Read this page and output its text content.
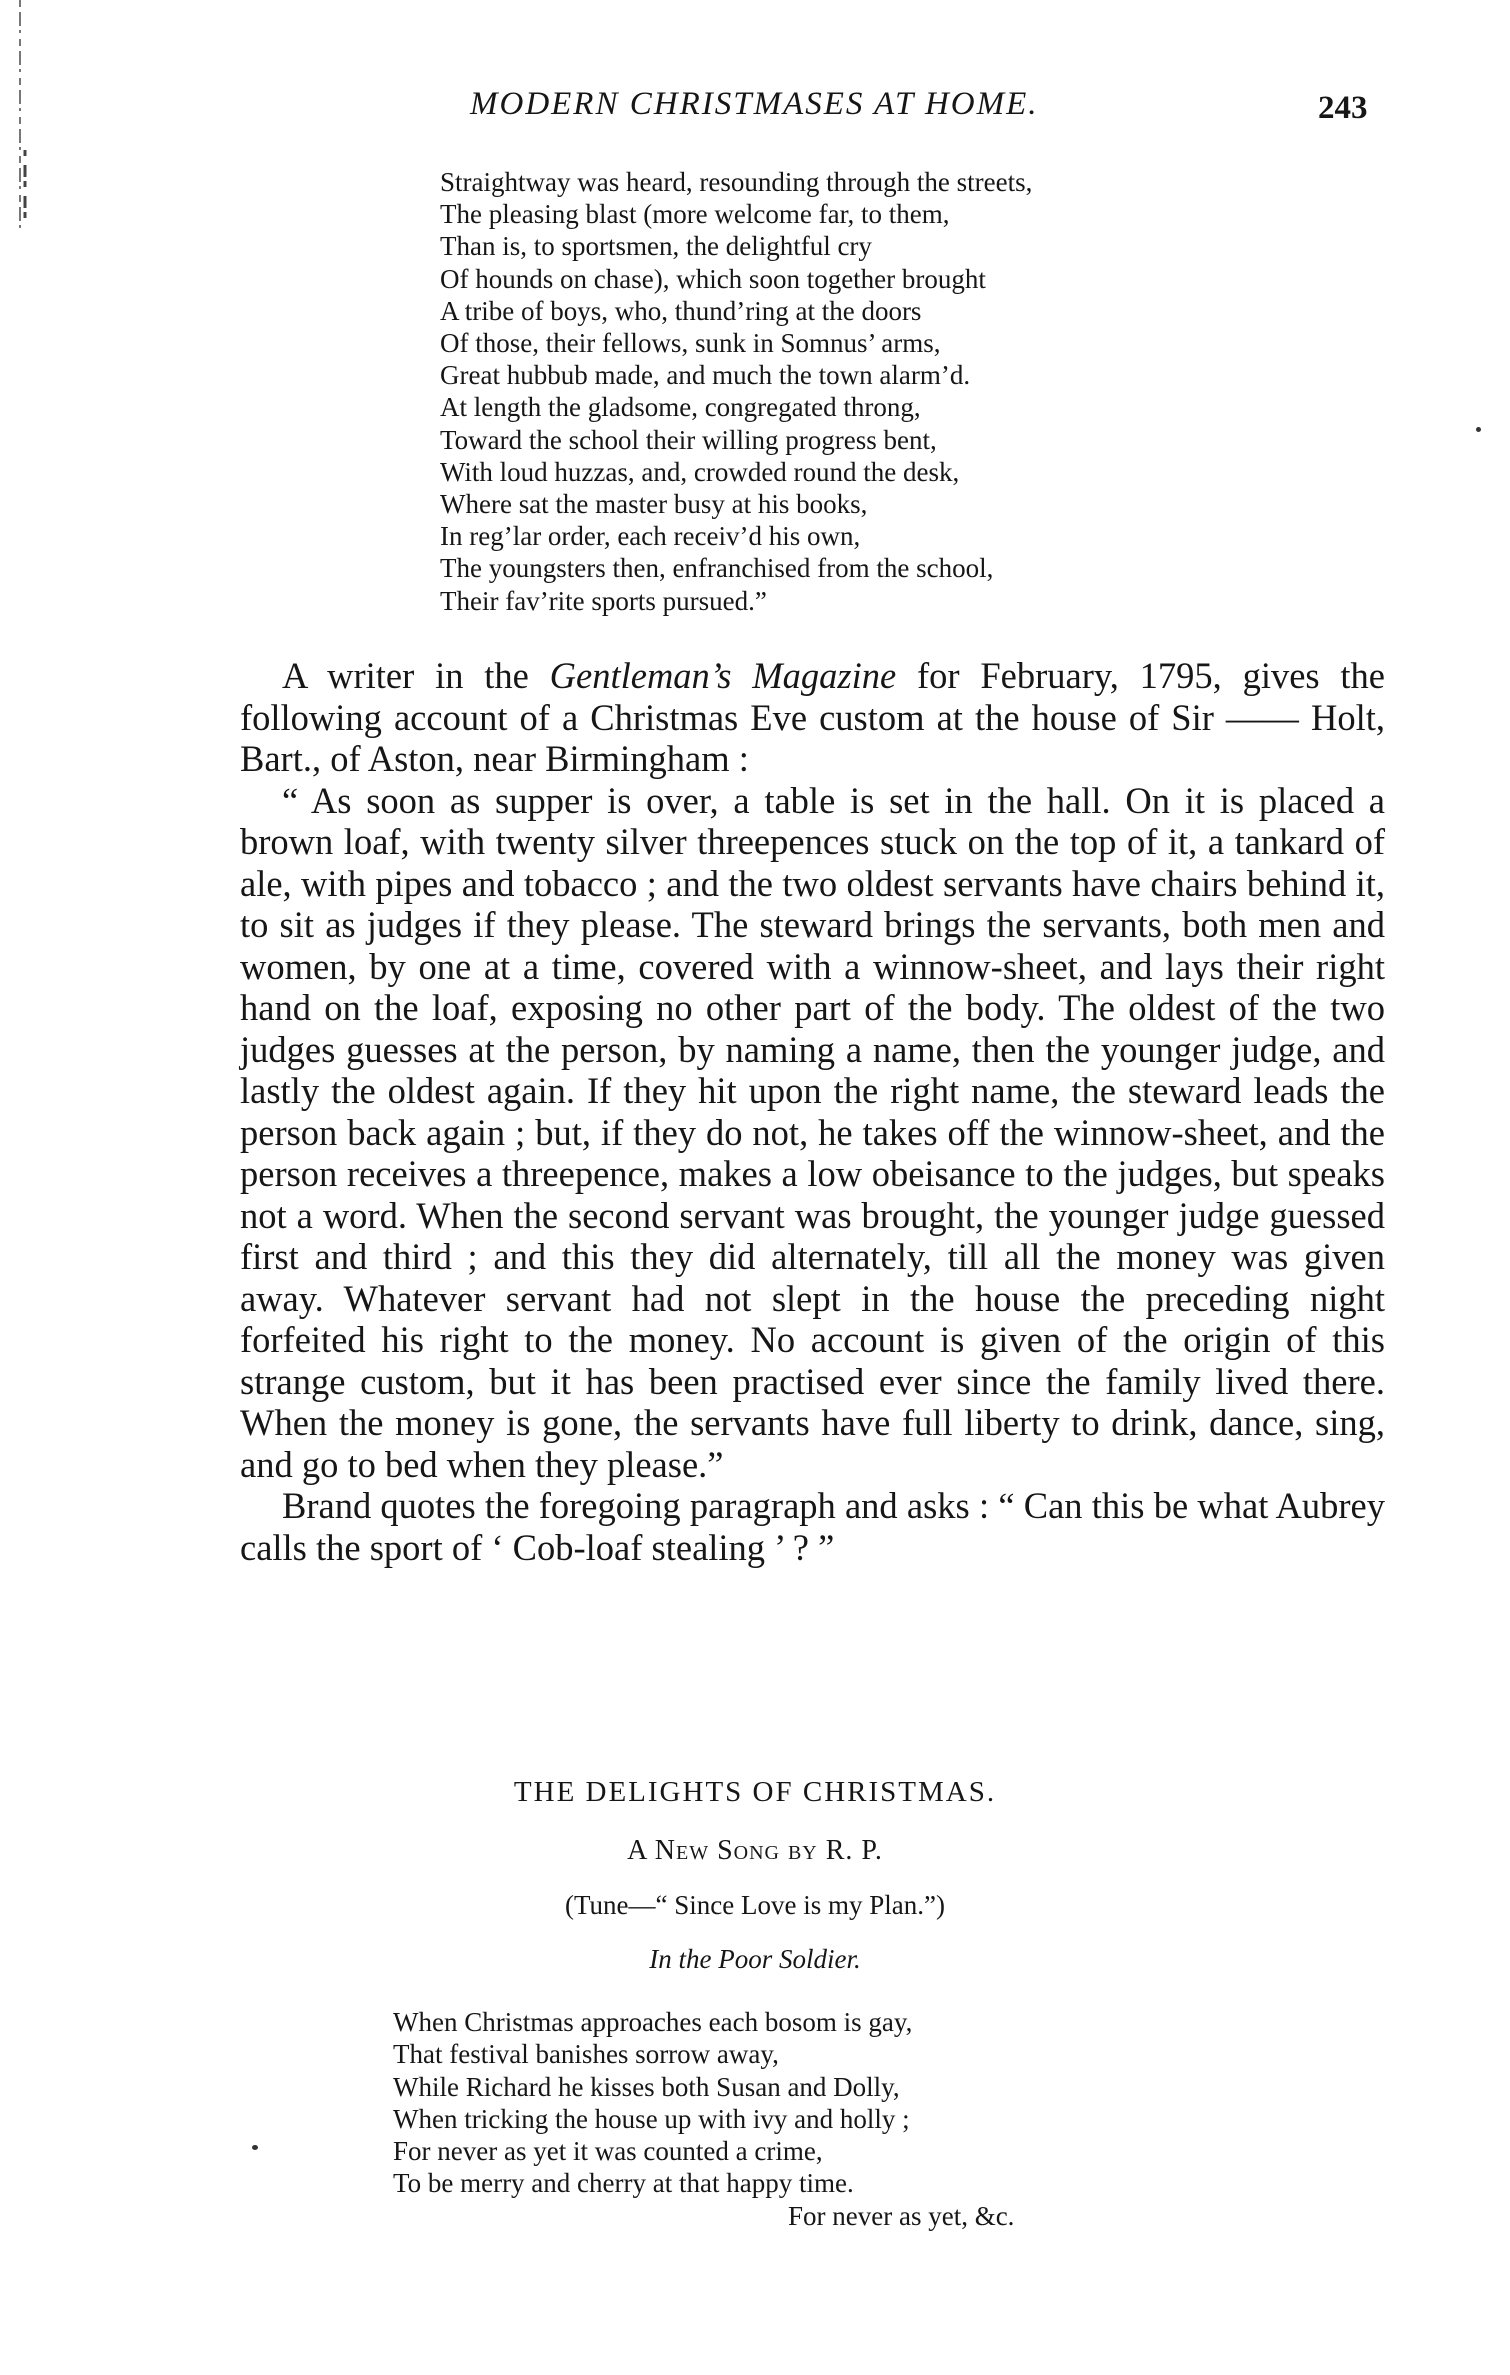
MODERN CHRISTMASES AT HOME.	243
Straightway was heard, resounding through the streets,
The pleasing blast (more welcome far, to them,
Than is, to sportsmen, the delightful cry
Of hounds on chase), which soon together brought
A tribe of boys, who, thund’ring at the doors
Of those, their fellows, sunk in Somnus’ arms,
Great hubbub made, and much the town alarm’d.
At length the gladsome, congregated throng,
Toward the school their willing progress bent,
With loud huzzas, and, crowded round the desk,
Where sat the master busy at his books,
In reg’lar order, each receiv’d his own,
The youngsters then, enfranchised from the school,
Their fav’rite sports pursued.”

A writer in the Gentleman’s Magazine for February, 1795, gives the following account of a Christmas Eve custom at the house of Sir —— Holt, Bart., of Aston, near Birmingham :

“ As soon as supper is over, a table is set in the hall. On it is placed a brown loaf, with twenty silver threepences stuck on the top of it, a tankard of ale, with pipes and tobacco ; and the two oldest servants have chairs behind it, to sit as judges if they please. The steward brings the servants, both men and women, by one at a time, covered with a winnow-sheet, and lays their right hand on the loaf, exposing no other part of the body. The oldest of the two judges guesses at the person, by naming a name, then the younger judge, and lastly the oldest again. If they hit upon the right name, the steward leads the person back again ; but, if they do not, he takes off the winnow-sheet, and the person receives a threepence, makes a low obeisance to the judges, but speaks not a word. When the second servant was brought, the younger judge guessed first and third ; and this they did alternately, till all the money was given away. Whatever servant had not slept in the house the preceding night forfeited his right to the money. No account is given of the origin of this strange custom, but it has been practised ever since the family lived there. When the money is gone, the servants have full liberty to drink, dance, sing, and go to bed when they please.”

Brand quotes the foregoing paragraph and asks : “ Can this be what Aubrey calls the sport of ‘ Cob-loaf stealing ’ ? ”

THE DELIGHTS OF CHRISTMAS.
A New Song by R. P.
(Tune—“ Since Love is my Plan.”)
In the Poor Soldier.
When Christmas approaches each bosom is gay,
That festival banishes sorrow away,
While Richard he kisses both Susan and Dolly,
When tricking the house up with ivy and holly ;
For never as yet it was counted a crime,
To be merry and cherry at that happy time.
For never as yet, &c.
